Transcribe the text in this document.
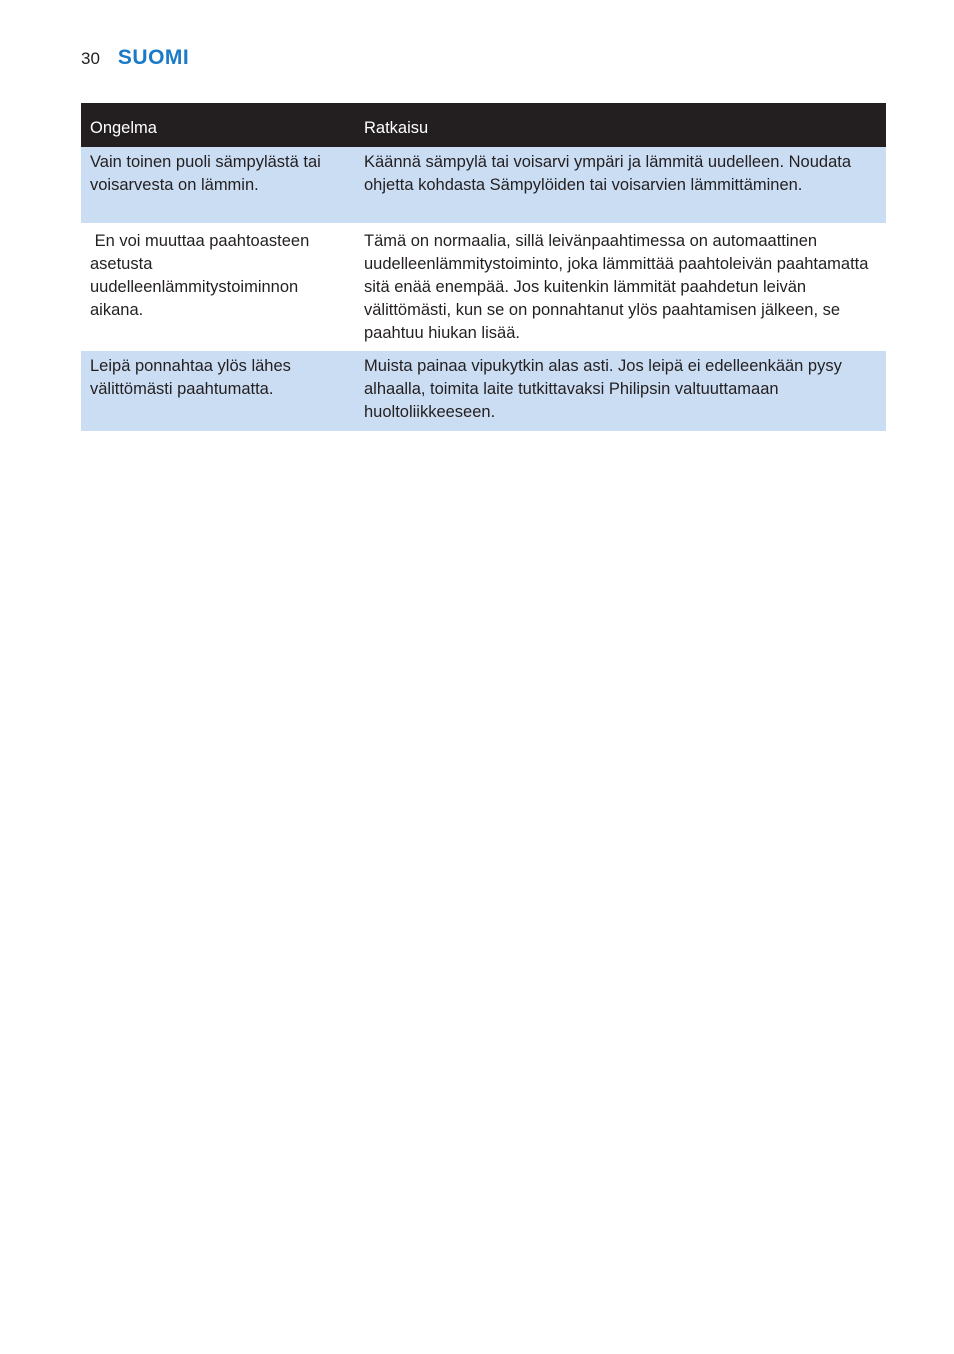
30 SUOMI
Ongelma	Ratkaisu
Vain toinen puoli sämpylästä tai voisarvesta on lämmin.	Käännä sämpylä tai voisarvi ympäri ja lämmitä uudelleen. Noudata ohjetta kohdasta Sämpylöiden tai voisarvien lämmittäminen.
En voi muuttaa paahtoasteen asetusta uudelleenlämmitystoiminnon aikana.	Tämä on normaalia, sillä leivänpaahtimessa on automaattinen uudelleenlämmitystoiminto, joka lämmittää paahtoleivän paahtamatta sitä enää enempää. Jos kuitenkin lämmität paahdetun leivän välittömästi, kun se on ponnahtanut ylös paahtamisen jälkeen, se paahtuu hiukan lisää.
Leipä ponnahtaa ylös lähes välittömästi paahtumatta.	Muista painaa vipukytkin alas asti. Jos leipä ei edelleenkään pysy alhaalla, toimita laite tutkittavaksi Philipsin valtuuttamaan huoltoliikkeeseen.
